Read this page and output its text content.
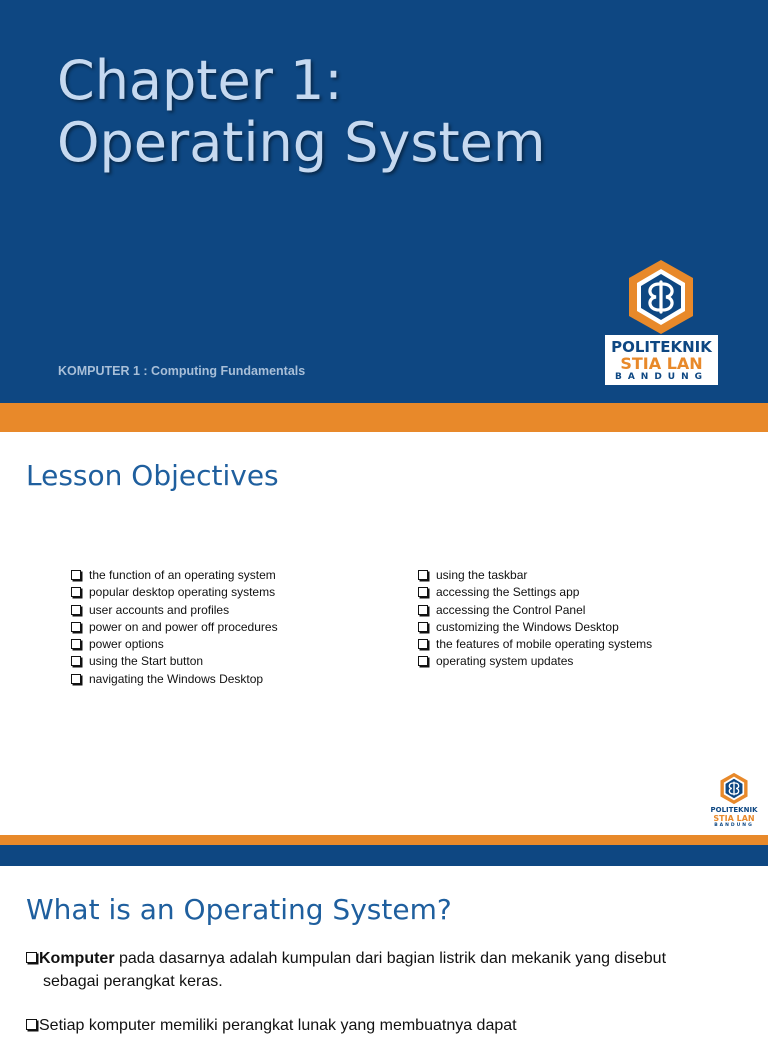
Chapter 1:
Operating System
KOMPUTER 1 : Computing Fundamentals
POLITEKNIK
STIA LAN
BANDUNG
Lesson Objectives
the function of an operating system
popular desktop operating systems
user accounts and profiles
power on and power off procedures
power options
using the Start button
navigating the Windows Desktop
using the taskbar
accessing the Settings app
accessing the Control Panel
customizing the Windows Desktop
the features of mobile operating systems
operating system updates
POLITEKNIK
STIA LAN
BANDUNG
What is an Operating System?

Komputer pada dasarnya adalah kumpulan dari bagian listrik dan mekanik yang disebut
sebagai perangkat keras.

Setiap komputer memiliki perangkat lunak yang membuatnya dapat
